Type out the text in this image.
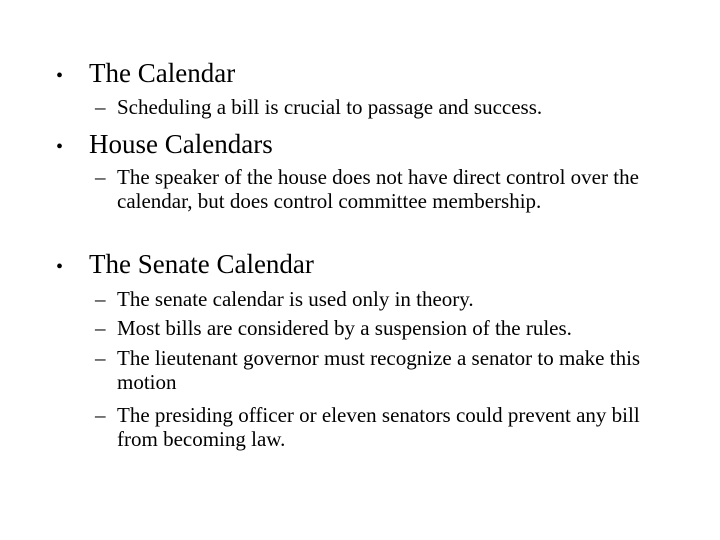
• The Calendar
– Scheduling a bill is crucial to passage and success.
• House Calendars
– The speaker of the house does not have direct control over the calendar, but does control committee membership.
• The Senate Calendar
– The senate calendar is used only in theory.
– Most bills are considered by a suspension of the rules.
– The lieutenant governor must recognize a senator to make this motion
– The presiding officer or eleven senators could prevent any bill from becoming law.
